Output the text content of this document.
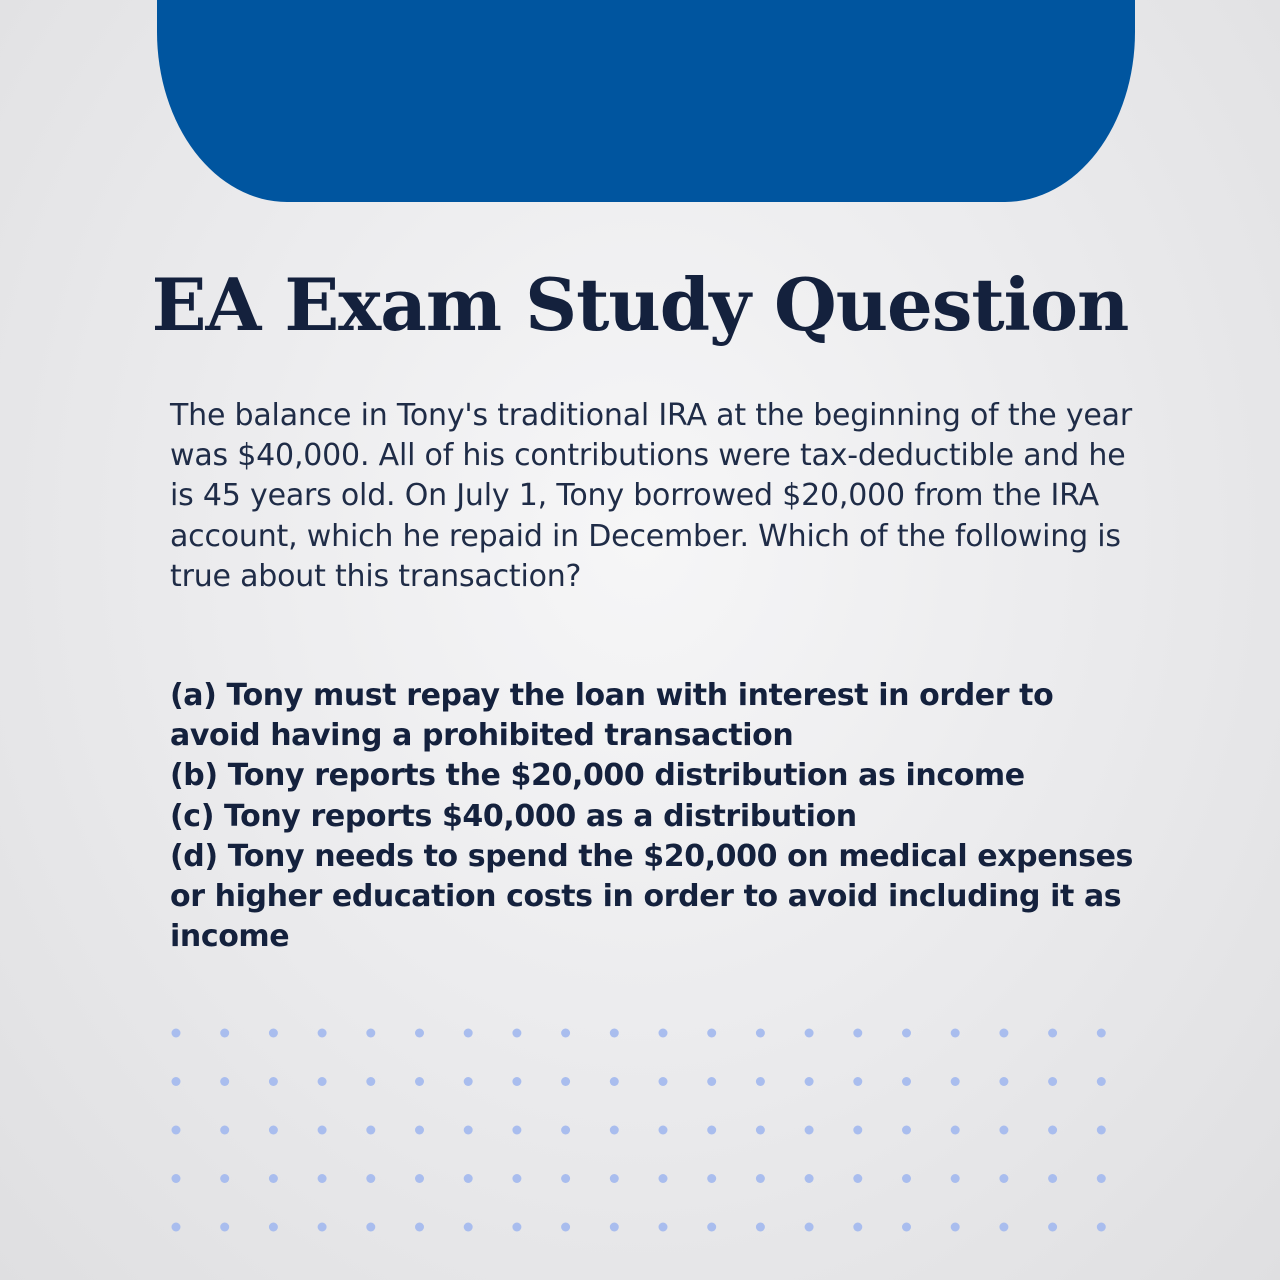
EA Exam Study Question

The balance in Tony's traditional IRA at the beginning of the year was $40,000. All of his contributions were tax-deductible and he is 45 years old. On July 1, Tony borrowed $20,000 from the IRA account, which he repaid in December. Which of the following is true about this transaction?

(a) Tony must repay the loan with interest in order to avoid having a prohibited transaction
(b) Tony reports the $20,000 distribution as income
(c) Tony reports $40,000 as a distribution
(d) Tony needs to spend the $20,000 on medical expenses or higher education costs in order to avoid including it as income
